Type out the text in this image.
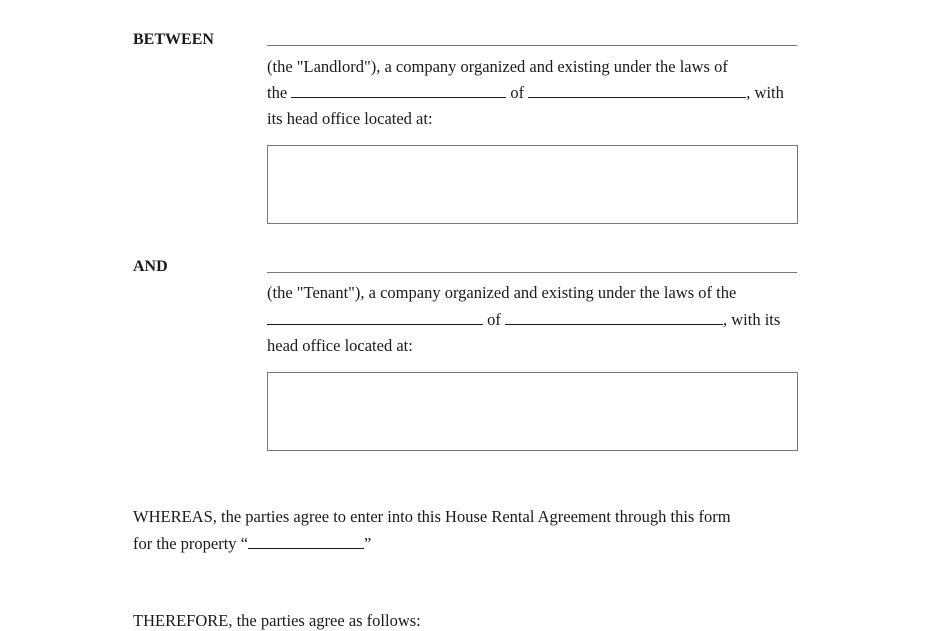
BETWEEN
(the "Landlord"), a company organized and existing under the laws of
the	of	, with
its head office located at:
AND
(the "Tenant"), a company organized and existing under the laws of the
of	, with its
head office located at:
WHEREAS, the parties agree to enter into this House Rental Agreement through this form
for the property “	”
THEREFORE, the parties agree as follows:
